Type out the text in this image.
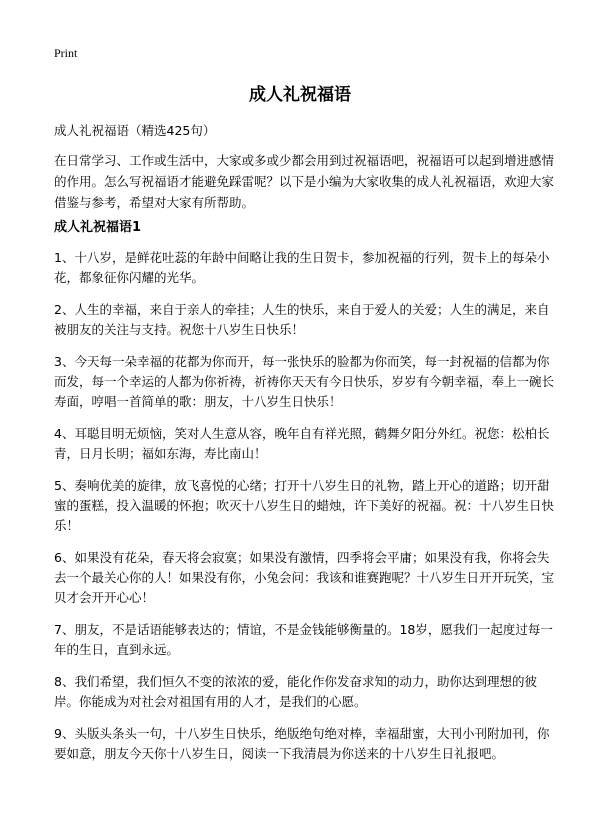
Print
成人礼祝福语
成人礼祝福语（精选425句）
在日常学习、工作或生活中，大家或多或少都会用到过祝福语吧，祝福语可以起到增进感情的作用。怎么写祝福语才能避免踩雷呢？以下是小编为大家收集的成人礼祝福语，欢迎大家借鉴与参考，希望对大家有所帮助。
成人礼祝福语1
1、十八岁，是鲜花吐蕊的年龄中间略让我的生日贺卡，参加祝福的行列，贺卡上的每朵小花，都象征你闪耀的光华。
2、人生的幸福，来自于亲人的牵挂；人生的快乐，来自于爱人的关爱；人生的满足，来自被朋友的关注与支持。祝您十八岁生日快乐！
3、今天每一朵幸福的花都为你而开，每一张快乐的脸都为你而笑，每一封祝福的信都为你而发，每一个幸运的人都为你祈祷，祈祷你天天有今日快乐，岁岁有今朝幸福，奉上一碗长寿面，哼唱一首简单的歌：朋友，十八岁生日快乐！
4、耳聪目明无烦恼，笑对人生意从容，晚年自有祥光照，鹤舞夕阳分外红。祝您：松柏长青，日月长明；福如东海，寿比南山！
5、奏响优美的旋律，放飞喜悦的心绪；打开十八岁生日的礼物，踏上开心的道路；切开甜蜜的蛋糕，投入温暖的怀抱；吹灭十八岁生日的蜡烛，许下美好的祝福。祝：十八岁生日快乐！
6、如果没有花朵，春天将会寂寞；如果没有激情，四季将会平庸；如果没有我，你将会失去一个最关心你的人！如果没有你，小兔会问：我该和谁赛跑呢？十八岁生日开开玩笑，宝贝才会开开心心！
7、朋友，不是话语能够表达的；情谊，不是金钱能够衡量的。18岁，愿我们一起度过每一年的生日，直到永远。
8、我们希望，我们恒久不变的浓浓的爱，能化作你发奋求知的动力，助你达到理想的彼岸。你能成为对社会对祖国有用的人才，是我们的心愿。
9、头版头条头一句，十八岁生日快乐，绝版绝句绝对棒，幸福甜蜜，大刊小刊附加刊，你要如意，朋友今天你十八岁生日，阅读一下我清晨为你送来的十八岁生日礼报吧。
